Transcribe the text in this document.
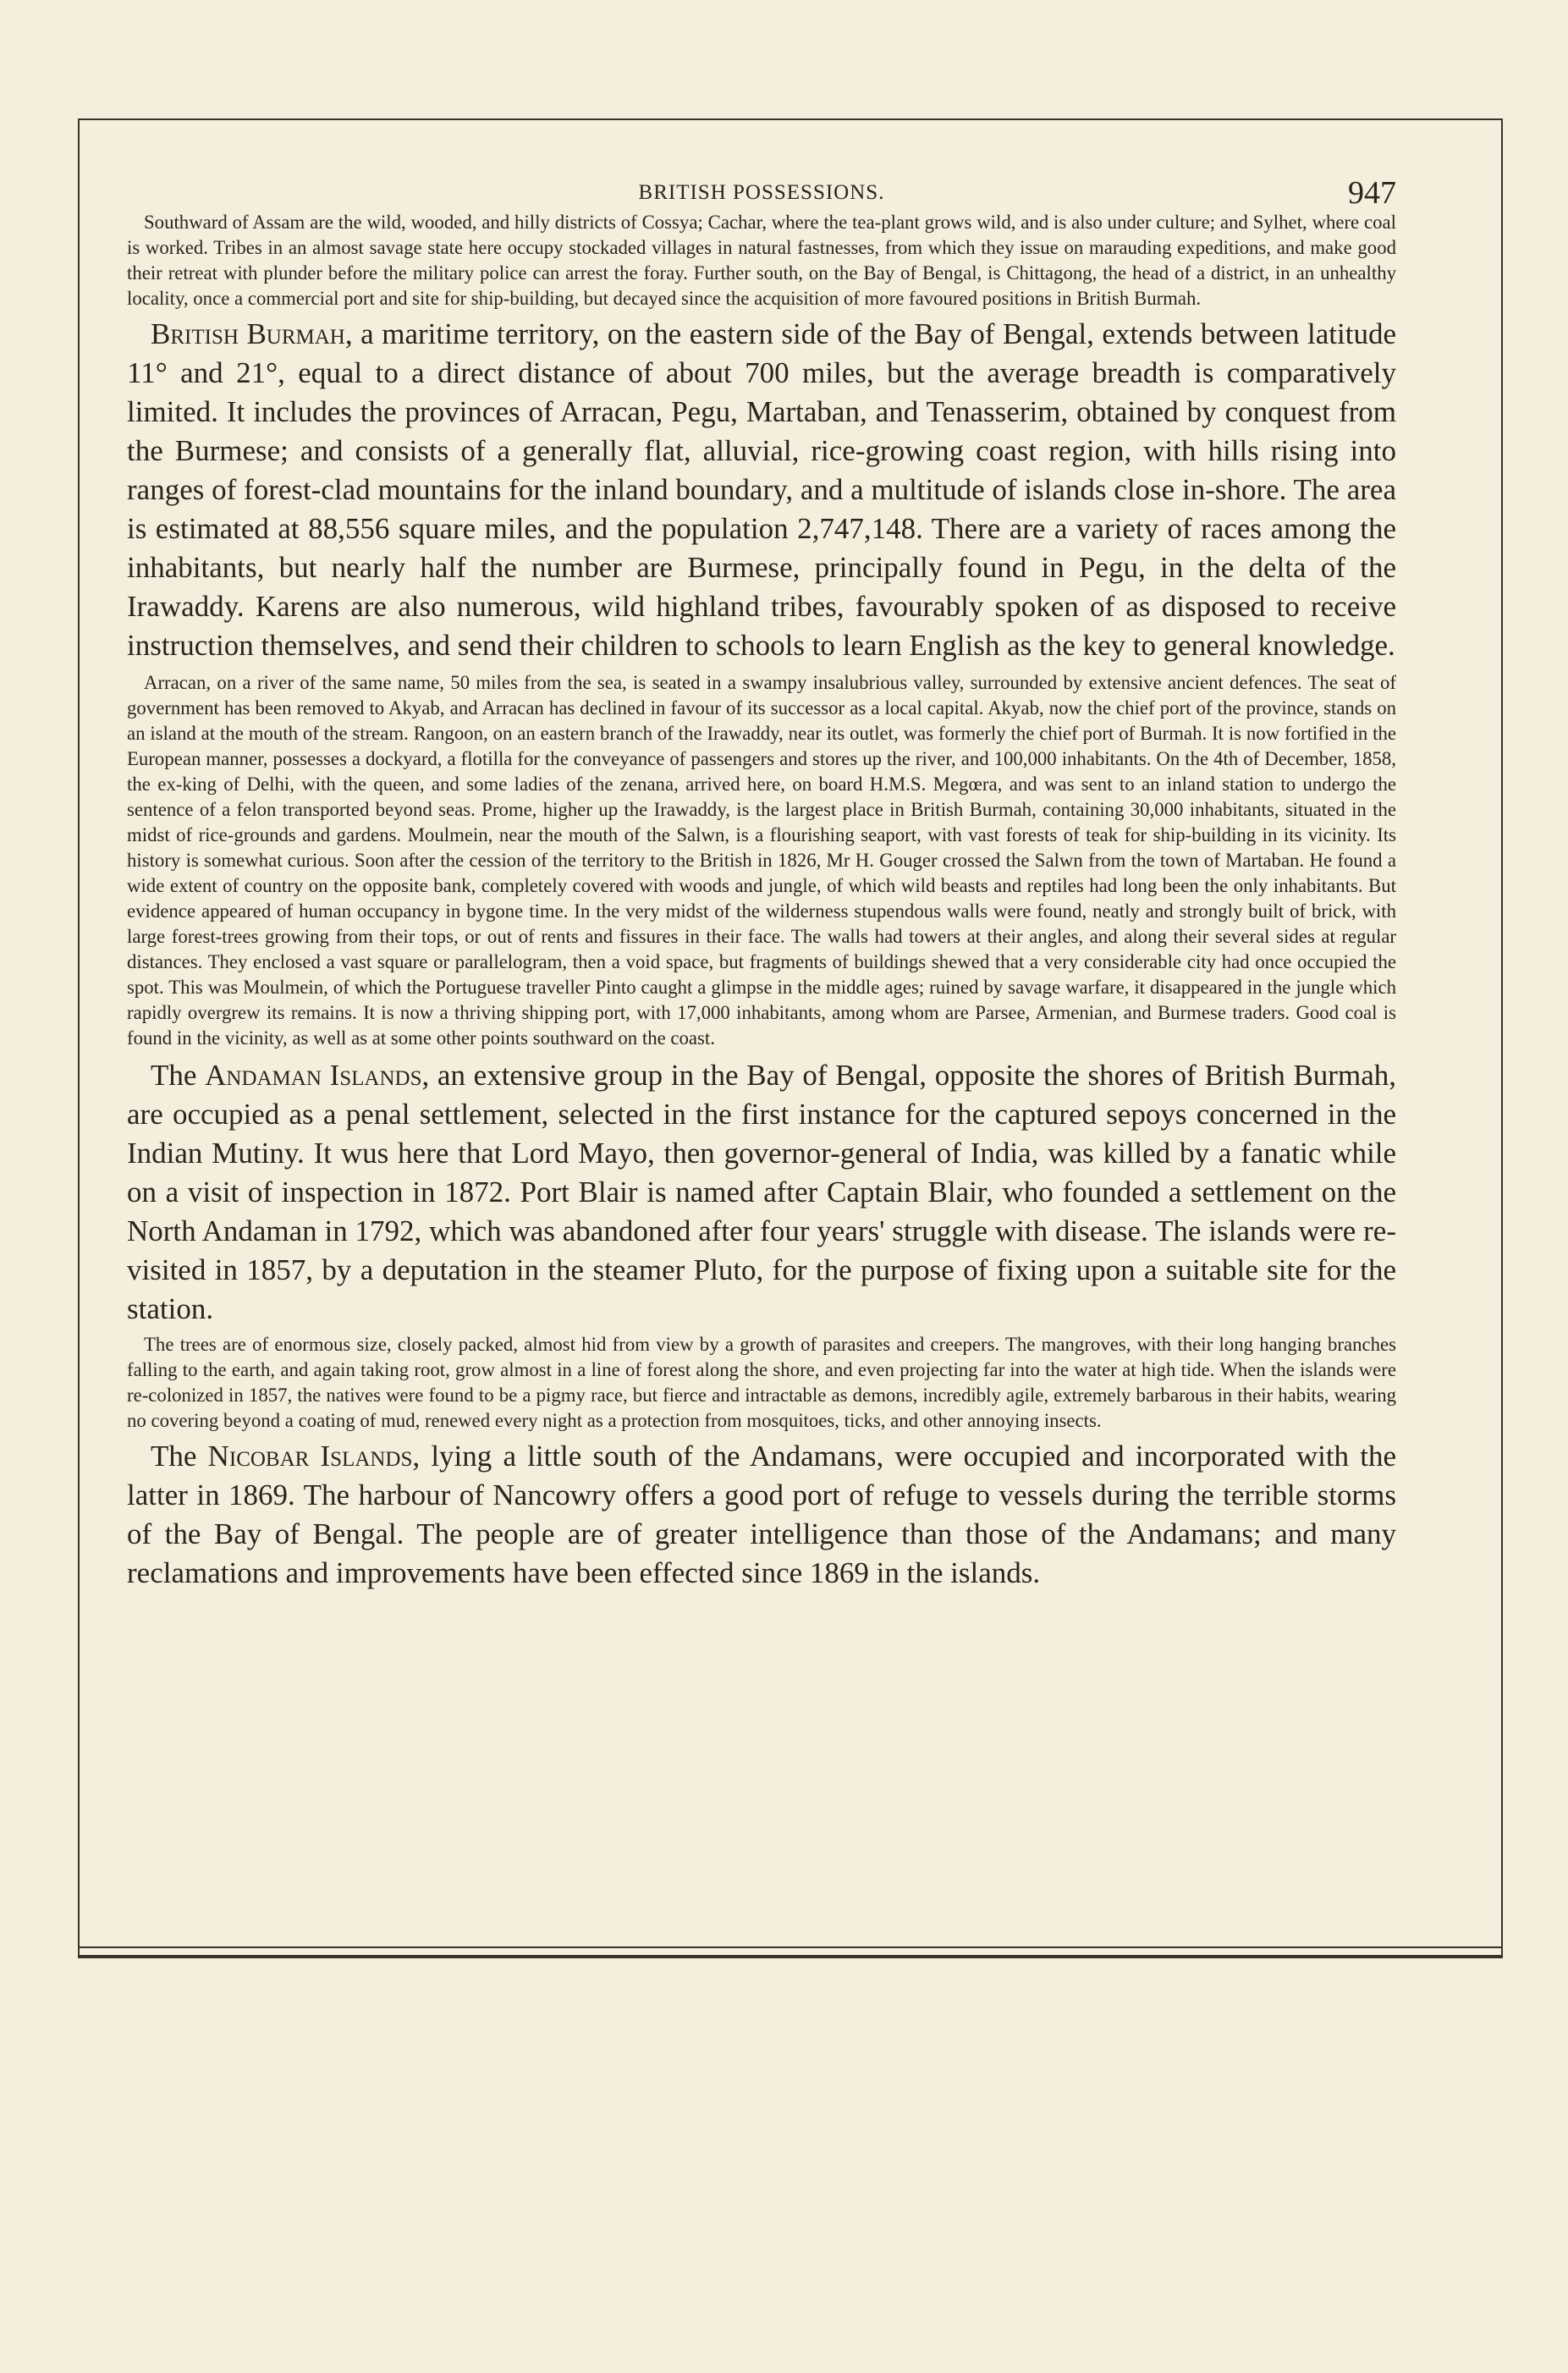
BRITISH POSSESSIONS.	947

Southward of Assam are the wild, wooded, and hilly districts of Cossya; Cachar, where the tea-plant grows wild, and is also under culture; and Sylhet, where coal is worked. Tribes in an almost savage state here occupy stockaded villages in natural fastnesses, from which they issue on marauding expeditions, and make good their retreat with plunder before the military police can arrest the foray. Further south, on the Bay of Bengal, is Chittagong, the head of a district, in an unhealthy locality, once a commercial port and site for ship-building, but decayed since the acquisition of more favoured positions in British Burmah.

British Burmah, a maritime territory, on the eastern side of the Bay of Bengal, extends between latitude 11° and 21°, equal to a direct distance of about 700 miles, but the average breadth is comparatively limited. It includes the provinces of Arracan, Pegu, Martaban, and Tenasserim, obtained by conquest from the Burmese; and consists of a generally flat, alluvial, rice-growing coast region, with hills rising into ranges of forest-clad mountains for the inland boundary, and a multitude of islands close in-shore. The area is estimated at 88,556 square miles, and the population 2,747,148. There are a variety of races among the inhabitants, but nearly half the number are Burmese, principally found in Pegu, in the delta of the Irawaddy. Karens are also numerous, wild highland tribes, favourably spoken of as disposed to receive instruction themselves, and send their children to schools to learn English as the key to general knowledge.

Arracan, on a river of the same name, 50 miles from the sea, is seated in a swampy insalubrious valley, surrounded by extensive ancient defences. The seat of government has been removed to Akyab, and Arracan has declined in favour of its successor as a local capital. Akyab, now the chief port of the province, stands on an island at the mouth of the stream. Rangoon, on an eastern branch of the Irawaddy, near its outlet, was formerly the chief port of Burmah. It is now fortified in the European manner, possesses a dockyard, a flotilla for the conveyance of passengers and stores up the river, and 100,000 inhabitants. On the 4th of December, 1858, the ex-king of Delhi, with the queen, and some ladies of the zenana, arrived here, on board H.M.S. Megœra, and was sent to an inland station to undergo the sentence of a felon transported beyond seas. Prome, higher up the Irawaddy, is the largest place in British Burmah, containing 30,000 inhabitants, situated in the midst of rice-grounds and gardens. Moulmein, near the mouth of the Salwn, is a flourishing seaport, with vast forests of teak for ship-building in its vicinity. Its history is somewhat curious. Soon after the cession of the territory to the British in 1826, Mr H. Gouger crossed the Salwn from the town of Martaban. He found a wide extent of country on the opposite bank, completely covered with woods and jungle, of which wild beasts and reptiles had long been the only inhabitants. But evidence appeared of human occupancy in bygone time. In the very midst of the wilderness stupendous walls were found, neatly and strongly built of brick, with large forest-trees growing from their tops, or out of rents and fissures in their face. The walls had towers at their angles, and along their several sides at regular distances. They enclosed a vast square or parallelogram, then a void space, but fragments of buildings shewed that a very considerable city had once occupied the spot. This was Moulmein, of which the Portuguese traveller Pinto caught a glimpse in the middle ages; ruined by savage warfare, it disappeared in the jungle which rapidly overgrew its remains. It is now a thriving shipping port, with 17,000 inhabitants, among whom are Parsee, Armenian, and Burmese traders. Good coal is found in the vicinity, as well as at some other points southward on the coast.

The Andaman Islands, an extensive group in the Bay of Bengal, opposite the shores of British Burmah, are occupied as a penal settlement, selected in the first instance for the captured sepoys concerned in the Indian Mutiny. It wus here that Lord Mayo, then governor-general of India, was killed by a fanatic while on a visit of inspection in 1872. Port Blair is named after Captain Blair, who founded a settlement on the North Andaman in 1792, which was abandoned after four years' struggle with disease. The islands were re-visited in 1857, by a deputation in the steamer Pluto, for the purpose of fixing upon a suitable site for the station.

The trees are of enormous size, closely packed, almost hid from view by a growth of parasites and creepers. The mangroves, with their long hanging branches falling to the earth, and again taking root, grow almost in a line of forest along the shore, and even projecting far into the water at high tide. When the islands were re-colonized in 1857, the natives were found to be a pigmy race, but fierce and intractable as demons, incredibly agile, extremely barbarous in their habits, wearing no covering beyond a coating of mud, renewed every night as a protection from mosquitoes, ticks, and other annoying insects.

The Nicobar Islands, lying a little south of the Andamans, were occupied and incorporated with the latter in 1869. The harbour of Nancowry offers a good port of refuge to vessels during the terrible storms of the Bay of Bengal. The people are of greater intelligence than those of the Andamans; and many reclamations and improvements have been effected since 1869 in the islands.
